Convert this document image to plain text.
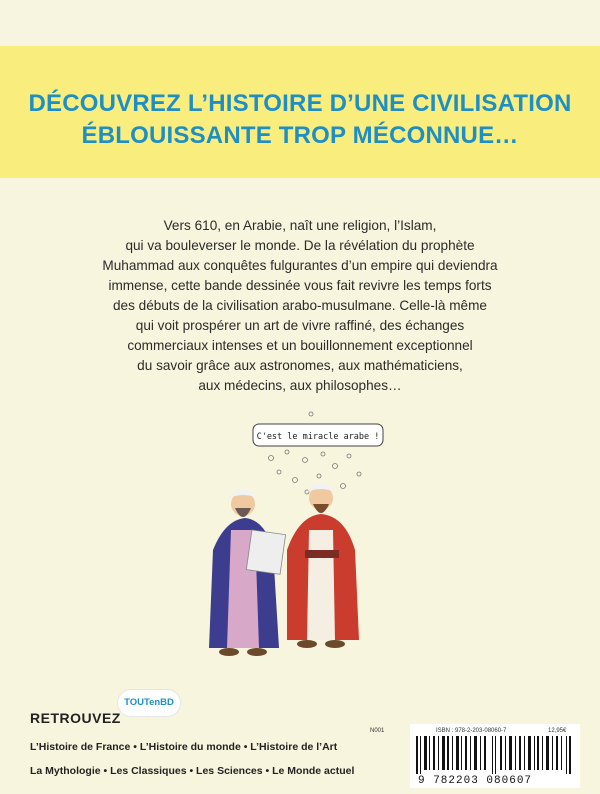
DÉCOUVREZ L’HISTOIRE D’UNE CIVILISATION
ÉBLOUISSANTE TROP MÉCONNUE…
Vers 610, en Arabie, naît une religion, l’Islam,
qui va bouleverser le monde. De la révélation du prophète
Muhammad aux conquêtes fulgurantes d’un empire qui deviendra
immense, cette bande dessinée vous fait revivre les temps forts
des débuts de la civilisation arabo-musulmane. Celle-là même
qui voit prospérer un art de vivre raffiné, des échanges
commerciaux intenses et un bouillonnement exceptionnel
du savoir grâce aux astronomes, aux mathématiciens,
aux médecins, aux philosophes…
C'est le miracle arabe !
RETROUVEZ
TOUTenBD
L’Histoire de France • L’Histoire du monde • L’Histoire de l’Art
La Mythologie • Les Classiques • Les Sciences • Le Monde actuel
N001	ISBN : 978-2-203-08060-7	12,95€
9 782203 080607
